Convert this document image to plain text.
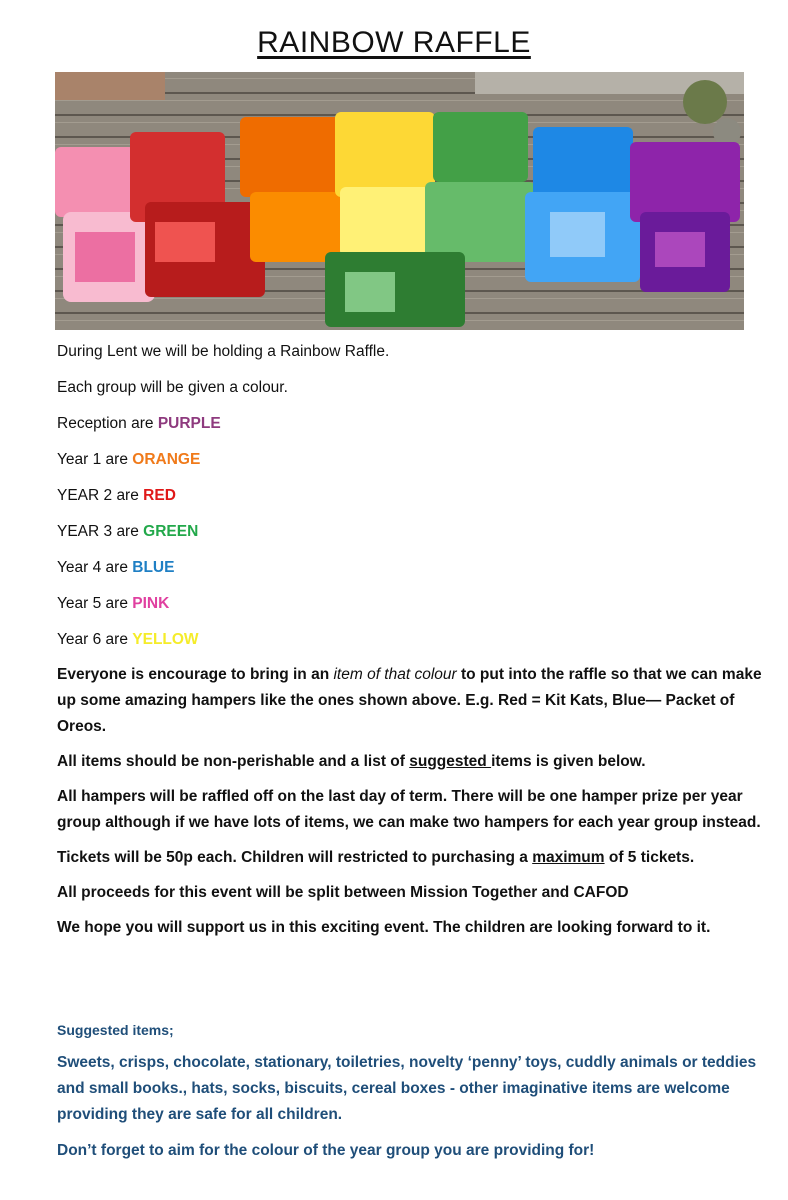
RAINBOW RAFFLE
During Lent we will be holding a Rainbow Raffle.
Each group will be given a colour.
Reception are PURPLE
Year 1 are ORANGE
YEAR 2 are RED
YEAR 3 are GREEN
Year 4 are BLUE
Year 5 are PINK
Year 6 are YELLOW
Everyone is encourage to bring in an item of that colour to put into the raffle so that we can make up some amazing hampers like the ones shown above. E.g. Red = Kit Kats, Blue— Packet of Oreos.
All items should be non-perishable and a list of suggested items is given below.
All hampers will be raffled off on the last day of term. There will be one hamper prize per year group although if we have lots of items, we can make two hampers for each year group instead.
Tickets will be 50p each. Children will restricted to purchasing a maximum of 5 tickets.
All proceeds for this event will be split between Mission Together and CAFOD
We hope you will support us in this exciting event. The children are looking forward to it.
Suggested items;
Sweets, crisps, chocolate, stationary, toiletries, novelty ‘penny’ toys, cuddly animals or teddies and small books., hats, socks, biscuits, cereal boxes - other imaginative items are welcome providing they are safe for all children.
Don’t forget to aim for the colour of the year group you are providing for!
